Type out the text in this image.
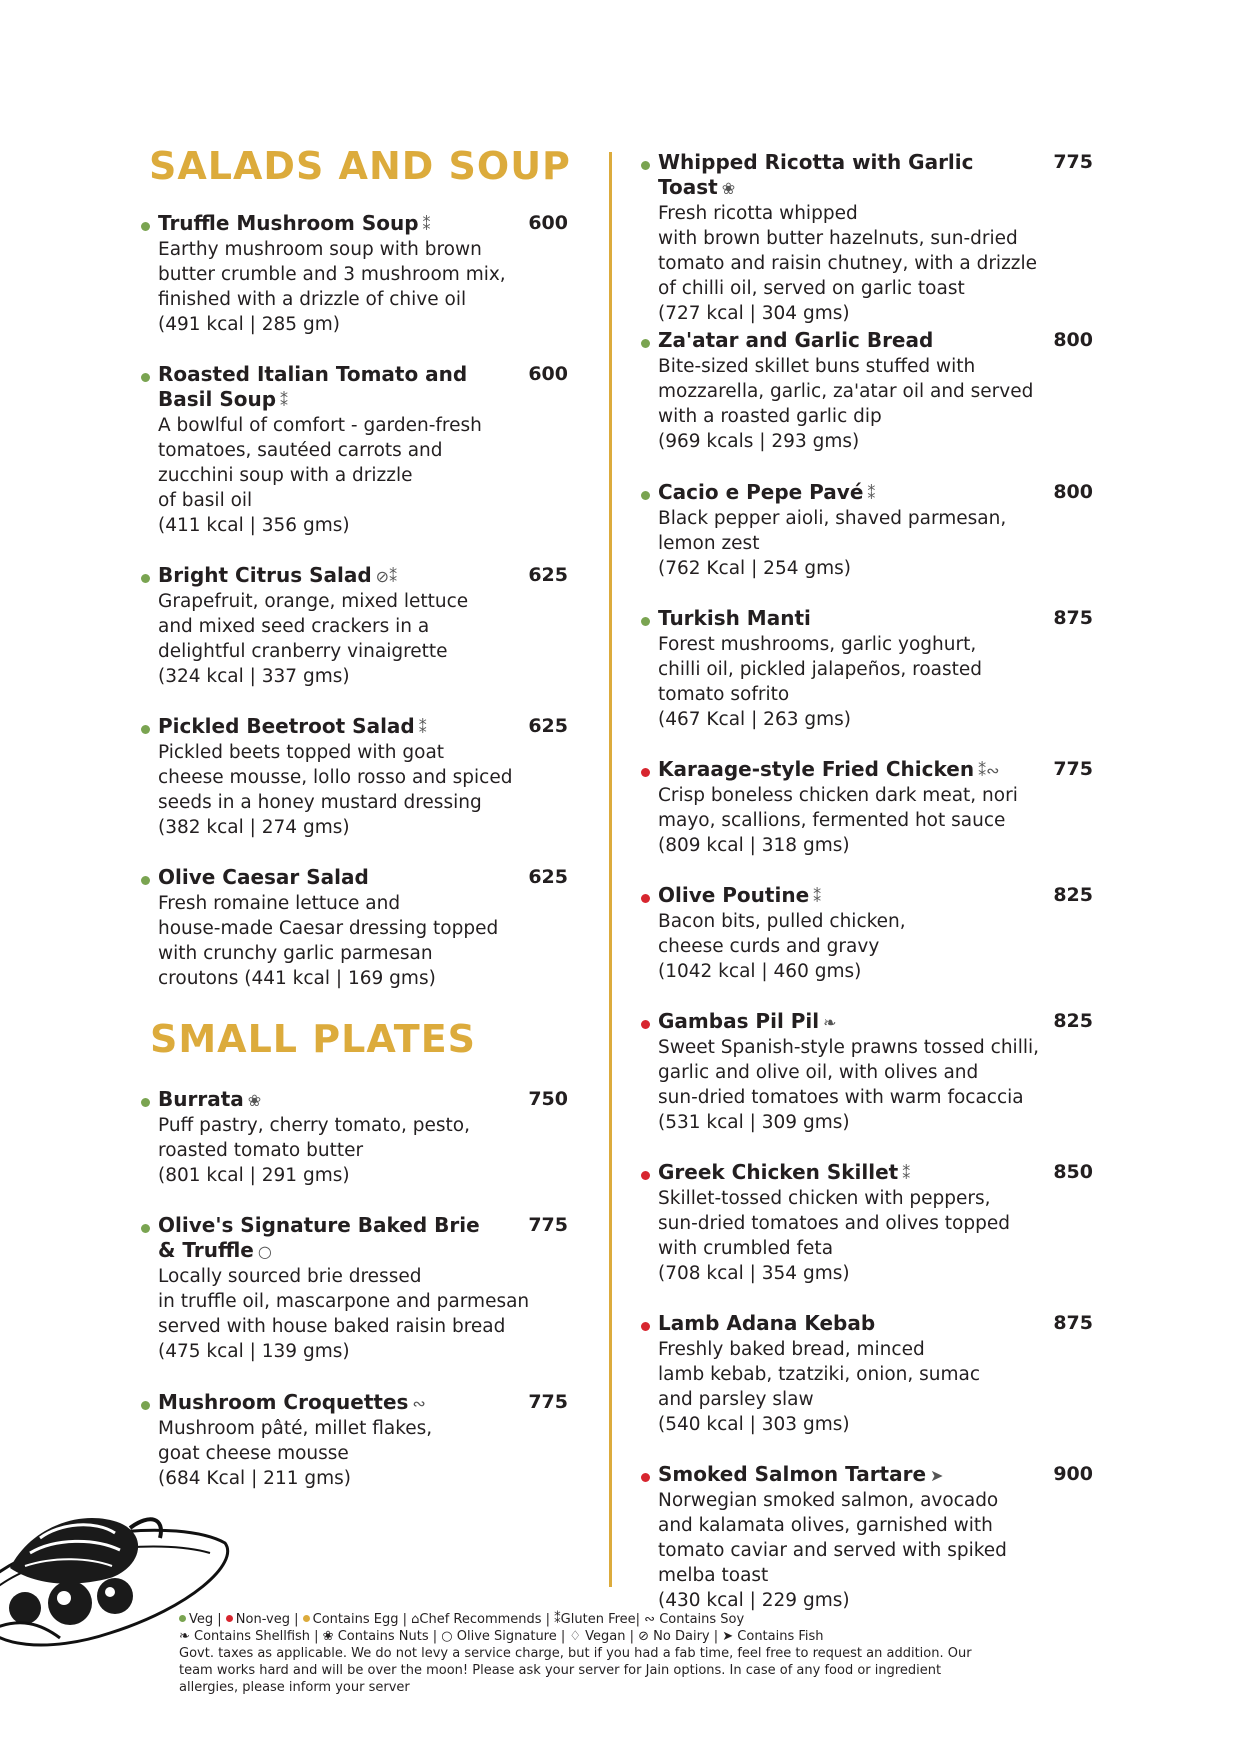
SALADS AND SOUP
SMALL PLATES
Truffle Mushroom Soup ⁑	600
Earthy mushroom soup with brown
butter crumble and 3 mushroom mix,
finished with a drizzle of chive oil
(491 kcal | 285 gm)
Roasted Italian Tomato and Basil Soup ⁑
600
A bowlful of comfort - garden-fresh
tomatoes, sautéed carrots and
zucchini soup with a drizzle
of basil oil
(411 kcal | 356 gms)
Bright Citrus Salad ⊘⁑	625
Grapefruit, orange, mixed lettuce
and mixed seed crackers in a
delightful cranberry vinaigrette
(324 kcal | 337 gms)
Pickled Beetroot Salad ⁑	625
Pickled beets topped with goat
cheese mousse, lollo rosso and spiced
seeds in a honey mustard dressing
(382 kcal | 274 gms)
Olive Caesar Salad	625
Fresh romaine lettuce and
house-made Caesar dressing topped
with crunchy garlic parmesan
croutons (441 kcal | 169 gms)
Burrata ❀	750
Puff pastry, cherry tomato, pesto,
roasted tomato butter
(801 kcal | 291 gms)
Olive's Signature Baked Brie & Truffle ○
775
Locally sourced brie dressed
in truffle oil, mascarpone and parmesan
served with house baked raisin bread
(475 kcal | 139 gms)
Mushroom Croquettes ∾	775
Mushroom pâté, millet flakes,
goat cheese mousse
(684 Kcal | 211 gms)
Whipped Ricotta with Garlic Toast ❀
775
Fresh ricotta whipped
with brown butter hazelnuts, sun-dried
tomato and raisin chutney, with a drizzle
of chilli oil, served on garlic toast
(727 kcal | 304 gms)
Za'atar and Garlic Bread	800
Bite-sized skillet buns stuffed with
mozzarella, garlic, za'atar oil and served
with a roasted garlic dip
(969 kcals | 293 gms)
Cacio e Pepe Pavé ⁑	800
Black pepper aioli, shaved parmesan,
lemon zest
(762 Kcal | 254 gms)
Turkish Manti	875
Forest mushrooms, garlic yoghurt,
chilli oil, pickled jalapeños, roasted
tomato sofrito
(467 Kcal | 263 gms)
Karaage-style Fried Chicken ⁑∾	775
Crisp boneless chicken dark meat, nori
mayo, scallions, fermented hot sauce
(809 kcal | 318 gms)
Olive Poutine ⁑	825
Bacon bits, pulled chicken,
cheese curds and gravy
(1042 kcal | 460 gms)
Gambas Pil Pil ❧	825
Sweet Spanish-style prawns tossed chilli,
garlic and olive oil, with olives and
sun-dried tomatoes with warm focaccia
(531 kcal | 309 gms)
Greek Chicken Skillet ⁑	850
Skillet-tossed chicken with peppers,
sun-dried tomatoes and olives topped
with crumbled feta
(708 kcal | 354 gms)
Lamb Adana Kebab	875
Freshly baked bread, minced
lamb kebab, tzatziki, onion, sumac
and parsley slaw
(540 kcal | 303 gms)
Smoked Salmon Tartare ➤	900
Norwegian smoked salmon, avocado
and kalamata olives, garnished with
tomato caviar and served with spiked
melba toast
(430 kcal | 229 gms)
Veg | Non-veg | Contains Egg | ⌂Chef Recommends | ⁑Gluten Free| ∾ Contains Soy
❧ Contains Shellfish | ❀ Contains Nuts | ○ Olive Signature | ♢ Vegan | ⊘ No Dairy | ➤ Contains Fish
Govt. taxes as applicable. We do not levy a service charge, but if you had a fab time, feel free to request an addition. Our team works hard and will be over the moon! Please ask your server for Jain options. In case of any food or ingredient allergies, please inform your server
